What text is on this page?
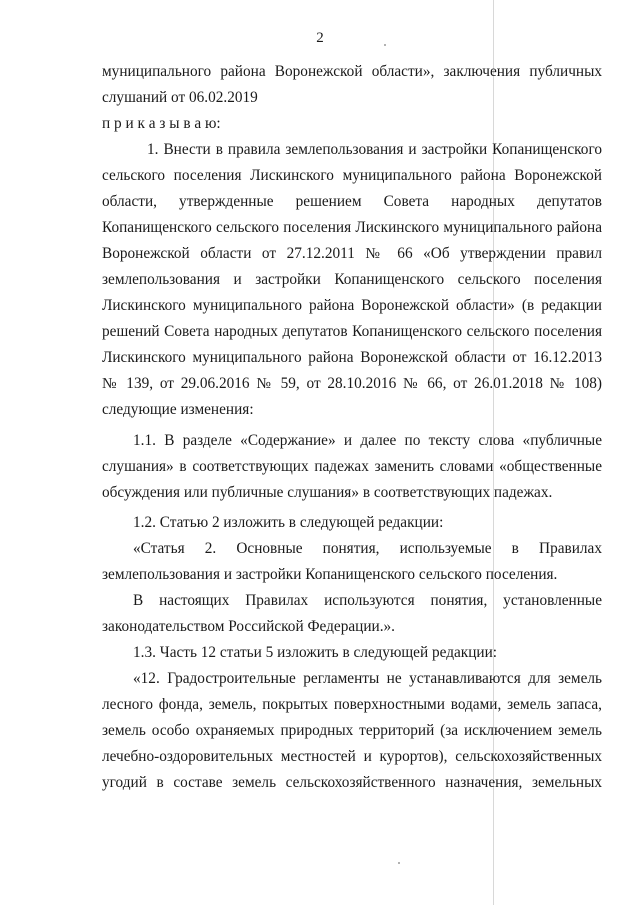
2
муниципального района Воронежской области», заключения публичных
слушаний от 06.02.2019
п р и к а з ы в а ю:
1. Внести в правила землепользования и застройки Копанищенского
сельского поселения Лискинского муниципального района Воронежской
области, утвержденные решением Совета народных депутатов
Копанищенского сельского поселения Лискинского муниципального района
Воронежской области от 27.12.2011 № 66 «Об утверждении правил
землепользования и застройки Копанищенского сельского поселения
Лискинского муниципального района Воронежской области» (в редакции
решений Совета народных депутатов Копанищенского сельского поселения
Лискинского муниципального района Воронежской области от 16.12.2013
№ 139, от 29.06.2016 № 59, от 28.10.2016 № 66, от 26.01.2018 № 108)
следующие изменения:
1.1. В разделе «Содержание» и далее по тексту слова «публичные
слушания» в соответствующих падежах заменить словами «общественные
обсуждения или публичные слушания» в соответствующих падежах.
1.2. Статью 2 изложить в следующей редакции:
«Статья 2. Основные понятия, используемые в Правилах
землепользования и застройки Копанищенского сельского поселения.
В настоящих Правилах используются понятия, установленные
законодательством Российской Федерации.».
1.3. Часть 12 статьи 5 изложить в следующей редакции:
«12. Градостроительные регламенты не устанавливаются для земель
лесного фонда, земель, покрытых поверхностными водами, земель запаса,
земель особо охраняемых природных территорий (за исключением земель
лечебно-оздоровительных местностей и курортов), сельскохозяйственных
угодий в составе земель сельскохозяйственного назначения, земельных
